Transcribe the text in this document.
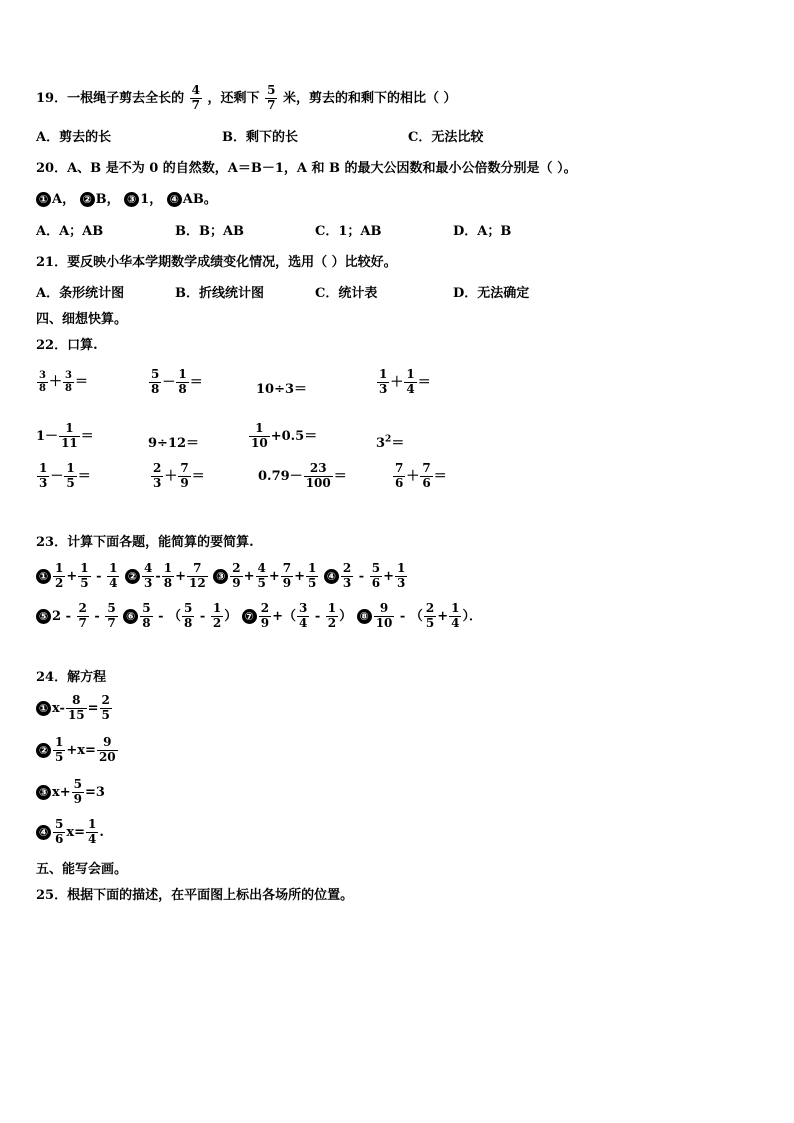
19．一根绳子剪去全长的 $\frac{4}{7}$ ，还剩下 $\frac{5}{7}$ 米，剪去的和剩下的相比（ ）
A．剪去的长	B．剩下的长	C．无法比较
20．A、B 是不为 0 的自然数，A＝B－1，A 和 B 的最大公因数和最小公倍数分别是（ ）。
① A， ② B， ③ 1， ④ AB。
A．A；AB	B．B；AB	C．1；AB	D．A；B
21．要反映小华本学期数学成绩变化情况，选用（ ）比较好。
A．条形统计图	B．折线统计图	C．统计表	D．无法确定
四、细想快算。
22．口算.
$\frac{3}{8} + \frac{3}{8}$ ＝	$\frac{5}{8} - \frac{1}{8}$ ＝	10÷3＝	$\frac{1}{3} + \frac{1}{4}$ ＝
$1- \frac{1}{11}$ ＝	9÷12＝	$\frac{1}{10} +0.5=$	$3^2=$
$\frac{1}{3} - \frac{1}{5}$ ＝	$\frac{2}{3} + \frac{7}{9}$ ＝	$0.79- \frac{23}{100}$ ＝	$\frac{7}{6} + \frac{7}{6}$ ＝
23．计算下面各题，能简算的要简算.
① $\frac{1}{2} + \frac{1}{5} - \frac{1}{4}$ ② $\frac{4}{3} - \frac{1}{8} + \frac{7}{12}$ ③ $\frac{2}{9} + \frac{4}{5} + \frac{7}{9} + \frac{1}{5}$ ④ $\frac{2}{3} - \frac{5}{6} + \frac{1}{3}$
⑤ $2 - \frac{2}{7} - \frac{5}{7}$ ⑥ $\frac{5}{8}$ - （ $\frac{5}{8} - \frac{1}{2}$ ） ⑦ $\frac{2}{9}$ +（ $\frac{3}{4} - \frac{1}{2}$ ） ⑧ $\frac{9}{10}$ - （ $\frac{2}{5} + \frac{1}{4}$ ）．
24．解方程
① $x- \frac{8}{15} = \frac{2}{5}$
② $\frac{1}{5} +x= \frac{9}{20}$
③ $x+ \frac{5}{9} =3$
④ $\frac{5}{6} x= \frac{1}{4}$ .
五、能写会画。
25．根据下面的描述，在平面图上标出各场所的位置。
